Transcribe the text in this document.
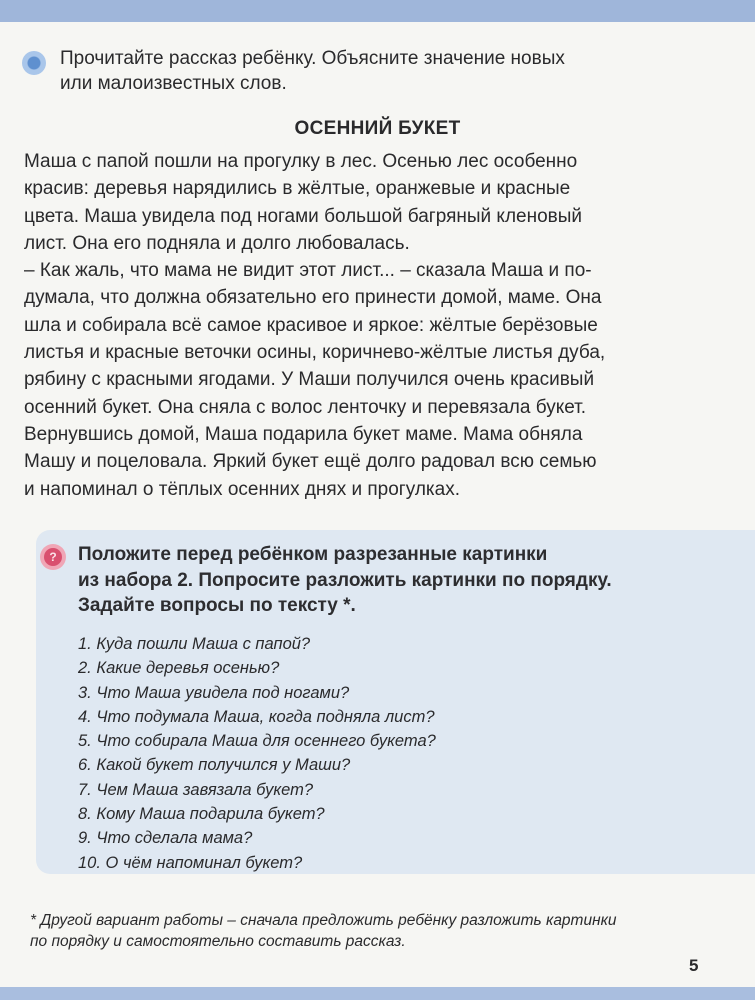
Прочитайте рассказ ребёнку. Объясните значение новых
или малоизвестных слов.
ОСЕННИЙ БУКЕТ

Маша с папой пошли на прогулку в лес. Осенью лес особенно

красив: деревья нарядились в жёлтые, оранжевые и красные

цвета. Маша увидела под ногами большой багряный кленовый

лист. Она его подняла и долго любовалась.

– Как жаль, что мама не видит этот лист... – сказала Маша и по-

думала, что должна обязательно его принести домой, маме. Она

шла и собирала всё самое красивое и яркое: жёлтые берёзовые

листья и красные веточки осины, коричнево-жёлтые листья дуба,

рябину с красными ягодами. У Маши получился очень красивый

осенний букет. Она сняла с волос ленточку и перевязала букет.

Вернувшись домой, Маша подарила букет маме. Мама обняла

Машу и поцеловала. Яркий букет ещё долго радовал всю семью

и напоминал о тёплых осенних днях и прогулках.

? Положите перед ребёнком разрезанные картинки
из набора 2. Попросите разложить картинки по порядку.
Задайте вопросы по тексту *.
1. Куда пошли Маша с папой?
2. Какие деревья осенью?
3. Что Маша увидела под ногами?
4. Что подумала Маша, когда подняла лист?
5. Что собирала Маша для осеннего букета?
6. Какой букет получился у Маши?
7. Чем Маша завязала букет?
8. Кому Маша подарила букет?
9. Что сделала мама?
10. О чём напоминал букет?
* Другой вариант работы – сначала предложить ребёнку разложить картинки
по порядку и самостоятельно составить рассказ.
5
